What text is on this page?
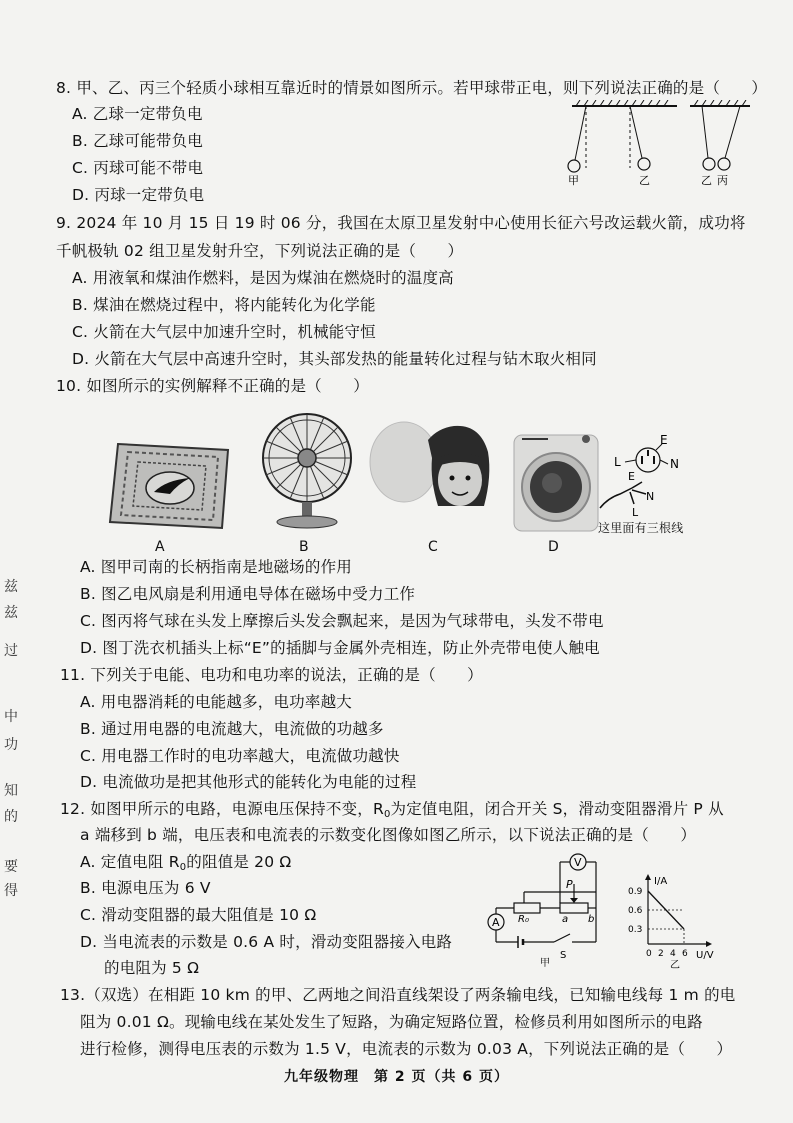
8. 甲、乙、丙三个轻质小球相互靠近时的情景如图所示。若甲球带正电，则下列说法正确的是（　　）
A. 乙球一定带负电
B. 乙球可能带负电
C. 丙球可能不带电
D. 丙球一定带负电
甲	乙	乙 丙
9. 2024 年 10 月 15 日 19 时 06 分，我国在太原卫星发射中心使用长征六号改运载火箭，成功将
千帆极轨 02 组卫星发射升空，下列说法正确的是（　　）
A. 用液氧和煤油作燃料，是因为煤油在燃烧时的温度高
B. 煤油在燃烧过程中，将内能转化为化学能
C. 火箭在大气层中加速升空时，机械能守恒
D. 火箭在大气层中高速升空时，其头部发热的能量转化过程与钻木取火相同
10. 如图所示的实例解释不正确的是（　　）
A	B	C	D
L
E
N
E
N
L
这里面有三根线
A. 图甲司南的长柄指南是地磁场的作用
B. 图乙电风扇是利用通电导体在磁场中受力工作
C. 图丙将气球在头发上摩擦后头发会飘起来，是因为气球带电，头发不带电
D. 图丁洗衣机插头上标“E”的插脚与金属外壳相连，防止外壳带电使人触电
11. 下列关于电能、电功和电功率的说法，正确的是（　　）
A. 用电器消耗的电能越多，电功率越大
B. 通过用电器的电流越大，电流做的功越多
C. 用电器工作时的电功率越大，电流做功越快
D. 电流做功是把其他形式的能转化为电能的过程
12. 如图甲所示的电路，电源电压保持不变，$R_0$为定值电阻，闭合开关 S，滑动变阻器滑片 P 从
a 端移到 b 端，电压表和电流表的示数变化图像如图乙所示，以下说法正确的是（　　）
A. 定值电阻 $R_0$的阻值是 20 Ω
B. 电源电压为 6 V
C. 滑动变阻器的最大阻值是 10 Ω
D. 当电流表的示数是 0.6 A 时，滑动变阻器接入电路
的电阻为 5 Ω
V
P
R₀	a b
A
S
甲
I/A
U/V
0.9
0.6
0.3
0 2 4 6
乙
13.（双选）在相距 10 km 的甲、乙两地之间沿直线架设了两条输电线，已知输电线每 1 m 的电
阻为 0.01 Ω。现输电线在某处发生了短路，为确定短路位置，检修员利用如图所示的电路
进行检修，测得电压表的示数为 1.5 V，电流表的示数为 0.03 A，下列说法正确的是（　　）
兹
兹
过
中
功
知
的
要
得
九年级物理　第 2 页（共 6 页）
